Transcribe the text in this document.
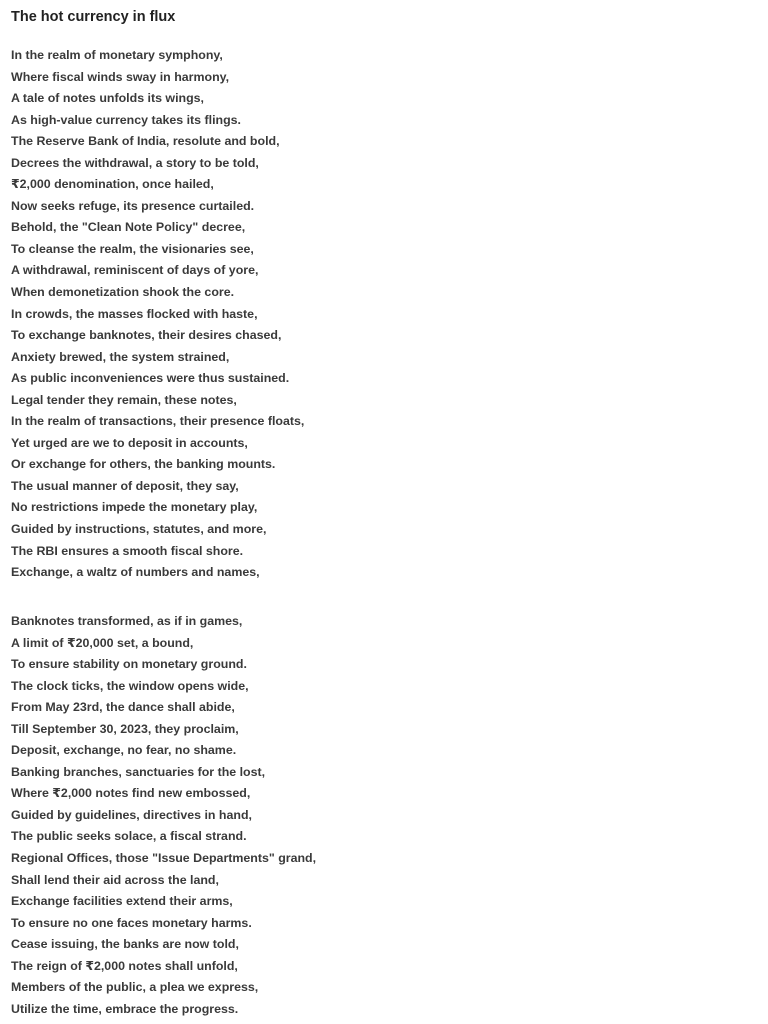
The hot currency in flux
In the realm of monetary symphony,
Where fiscal winds sway in harmony,
A tale of notes unfolds its wings,
As high-value currency takes its flings.
The Reserve Bank of India, resolute and bold,
Decrees the withdrawal, a story to be told,
₹2,000 denomination, once hailed,
Now seeks refuge, its presence curtailed.
Behold, the "Clean Note Policy" decree,
To cleanse the realm, the visionaries see,
A withdrawal, reminiscent of days of yore,
When demonetization shook the core.
In crowds, the masses flocked with haste,
To exchange banknotes, their desires chased,
Anxiety brewed, the system strained,
As public inconveniences were thus sustained.
Legal tender they remain, these notes,
In the realm of transactions, their presence floats,
Yet urged are we to deposit in accounts,
Or exchange for others, the banking mounts.
The usual manner of deposit, they say,
No restrictions impede the monetary play,
Guided by instructions, statutes, and more,
The RBI ensures a smooth fiscal shore.
Exchange, a waltz of numbers and names,
Banknotes transformed, as if in games,
A limit of ₹20,000 set, a bound,
To ensure stability on monetary ground.
The clock ticks, the window opens wide,
From May 23rd, the dance shall abide,
Till September 30, 2023, they proclaim,
Deposit, exchange, no fear, no shame.
Banking branches, sanctuaries for the lost,
Where ₹2,000 notes find new embossed,
Guided by guidelines, directives in hand,
The public seeks solace, a fiscal strand.
Regional Offices, those "Issue Departments" grand,
Shall lend their aid across the land,
Exchange facilities extend their arms,
To ensure no one faces monetary harms.
Cease issuing, the banks are now told,
The reign of ₹2,000 notes shall unfold,
Members of the public, a plea we express,
Utilize the time, embrace the progress.
